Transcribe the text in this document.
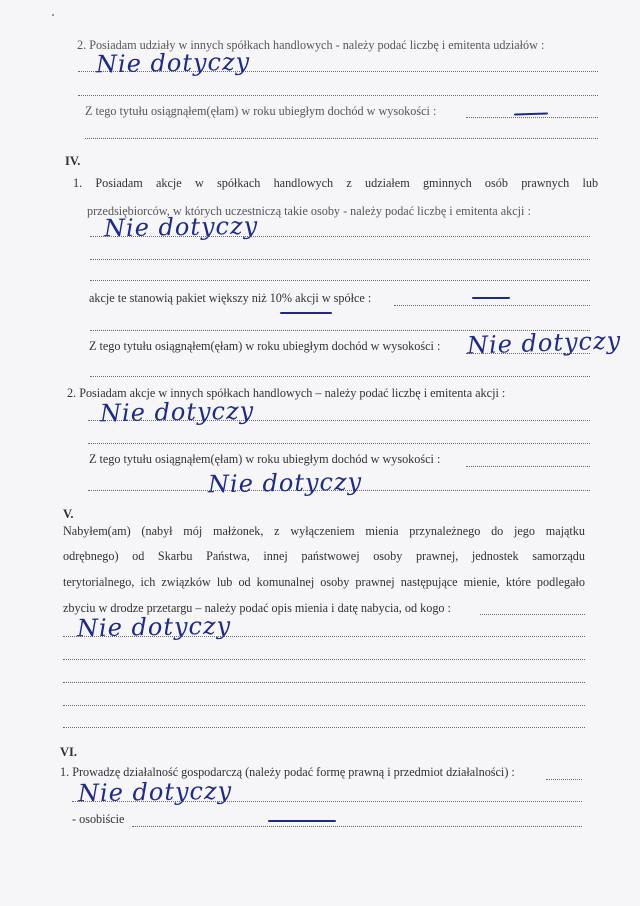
2. Posiadam udziały w innych spółkach handlowych - należy podać liczbę i emitenta udziałów :
Nie dotyczy
Z tego tytułu osiągnąłem(ęłam) w roku ubiegłym dochód w wysokości :
IV.
1. Posiadam akcje w spółkach handlowych z udziałem gminnych osób prawnych lub
przedsiębiorców, w których uczestniczą takie osoby - należy podać liczbę i emitenta akcji :
Nie dotyczy
akcje te stanowią pakiet większy niż 10% akcji w spółce :
Z tego tytułu osiągnąłem(ęłam) w roku ubiegłym dochód w wysokości : Nie dotyczy
2. Posiadam akcje w innych spółkach handlowych – należy podać liczbę i emitenta akcji :
Nie dotyczy
Z tego tytułu osiągnąłem(ęłam) w roku ubiegłym dochód w wysokości :
Nie dotyczy
V.
Nabyłem(am) (nabył mój małżonek, z wyłączeniem mienia przynależnego do jego majątku
odrębnego) od Skarbu Państwa, innej państwowej osoby prawnej, jednostek samorządu
terytorialnego, ich związków lub od komunalnej osoby prawnej następujące mienie, które podlegało
zbyciu w drodze przetargu – należy podać opis mienia i datę nabycia, od kogo :
Nie dotyczy
VI.
1. Prowadzę działalność gospodarczą (należy podać formę prawną i przedmiot działalności) :
Nie dotyczy
- osobiście
